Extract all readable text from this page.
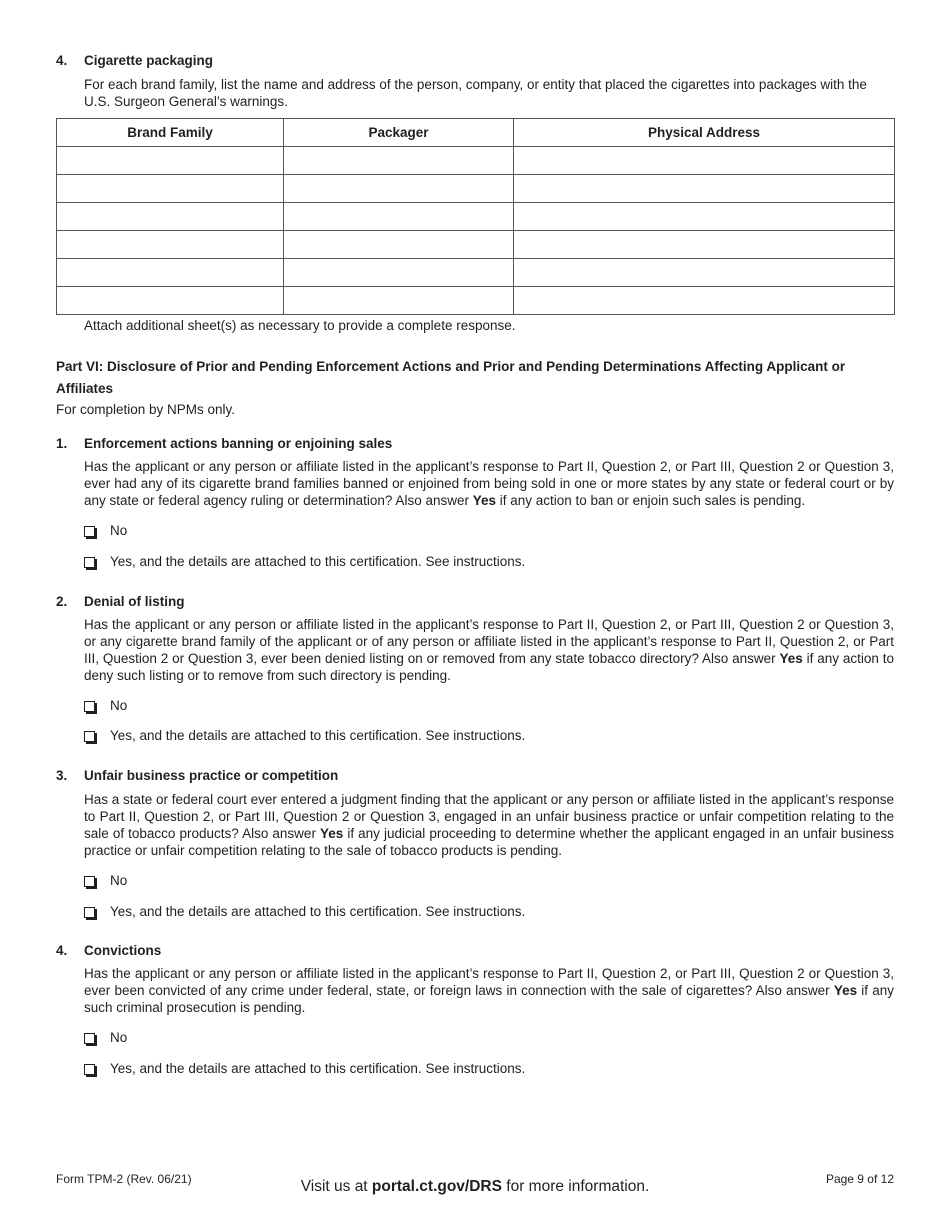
4. Cigarette packaging
For each brand family, list the name and address of the person, company, or entity that placed the cigarettes into packages with the U.S. Surgeon General’s warnings.
Brand Family	Packager	Physical Address

Attach additional sheet(s) as necessary to provide a complete response.
Part VI: Disclosure of Prior and Pending Enforcement Actions and Prior and Pending Determinations Affecting Applicant or Affiliates
For completion by NPMs only.
1. Enforcement actions banning or enjoining sales
Has the applicant or any person or affiliate listed in the applicant’s response to Part II, Question 2, or Part III, Question 2 or Question 3, ever had any of its cigarette brand families banned or enjoined from being sold in one or more states by any state or federal court or by any state or federal agency ruling or determination? Also answer Yes if any action to ban or enjoin such sales is pending.
No
Yes, and the details are attached to this certification. See instructions.
2. Denial of listing
Has the applicant or any person or affiliate listed in the applicant’s response to Part II, Question 2, or Part III, Question 2 or Question 3, or any cigarette brand family of the applicant or of any person or affiliate listed in the applicant’s response to Part II, Question 2, or Part III, Question 2 or Question 3, ever been denied listing on or removed from any state tobacco directory? Also answer Yes if any action to deny such listing or to remove from such directory is pending.
No
Yes, and the details are attached to this certification. See instructions.
3. Unfair business practice or competition
Has a state or federal court ever entered a judgment finding that the applicant or any person or affiliate listed in the applicant’s response to Part II, Question 2, or Part III, Question 2 or Question 3, engaged in an unfair business practice or unfair competition relating to the sale of tobacco products? Also answer Yes if any judicial proceeding to determine whether the applicant engaged in an unfair business practice or unfair competition relating to the sale of tobacco products is pending.
No
Yes, and the details are attached to this certification. See instructions.
4. Convictions
Has the applicant or any person or affiliate listed in the applicant’s response to Part II, Question 2, or Part III, Question 2 or Question 3, ever been convicted of any crime under federal, state, or foreign laws in connection with the sale of cigarettes? Also answer Yes if any such criminal prosecution is pending.
No
Yes, and the details are attached to this certification. See instructions.
Form TPM-2 (Rev. 06/21)	Visit us at portal.ct.gov/DRS for more information.	Page 9 of 12
